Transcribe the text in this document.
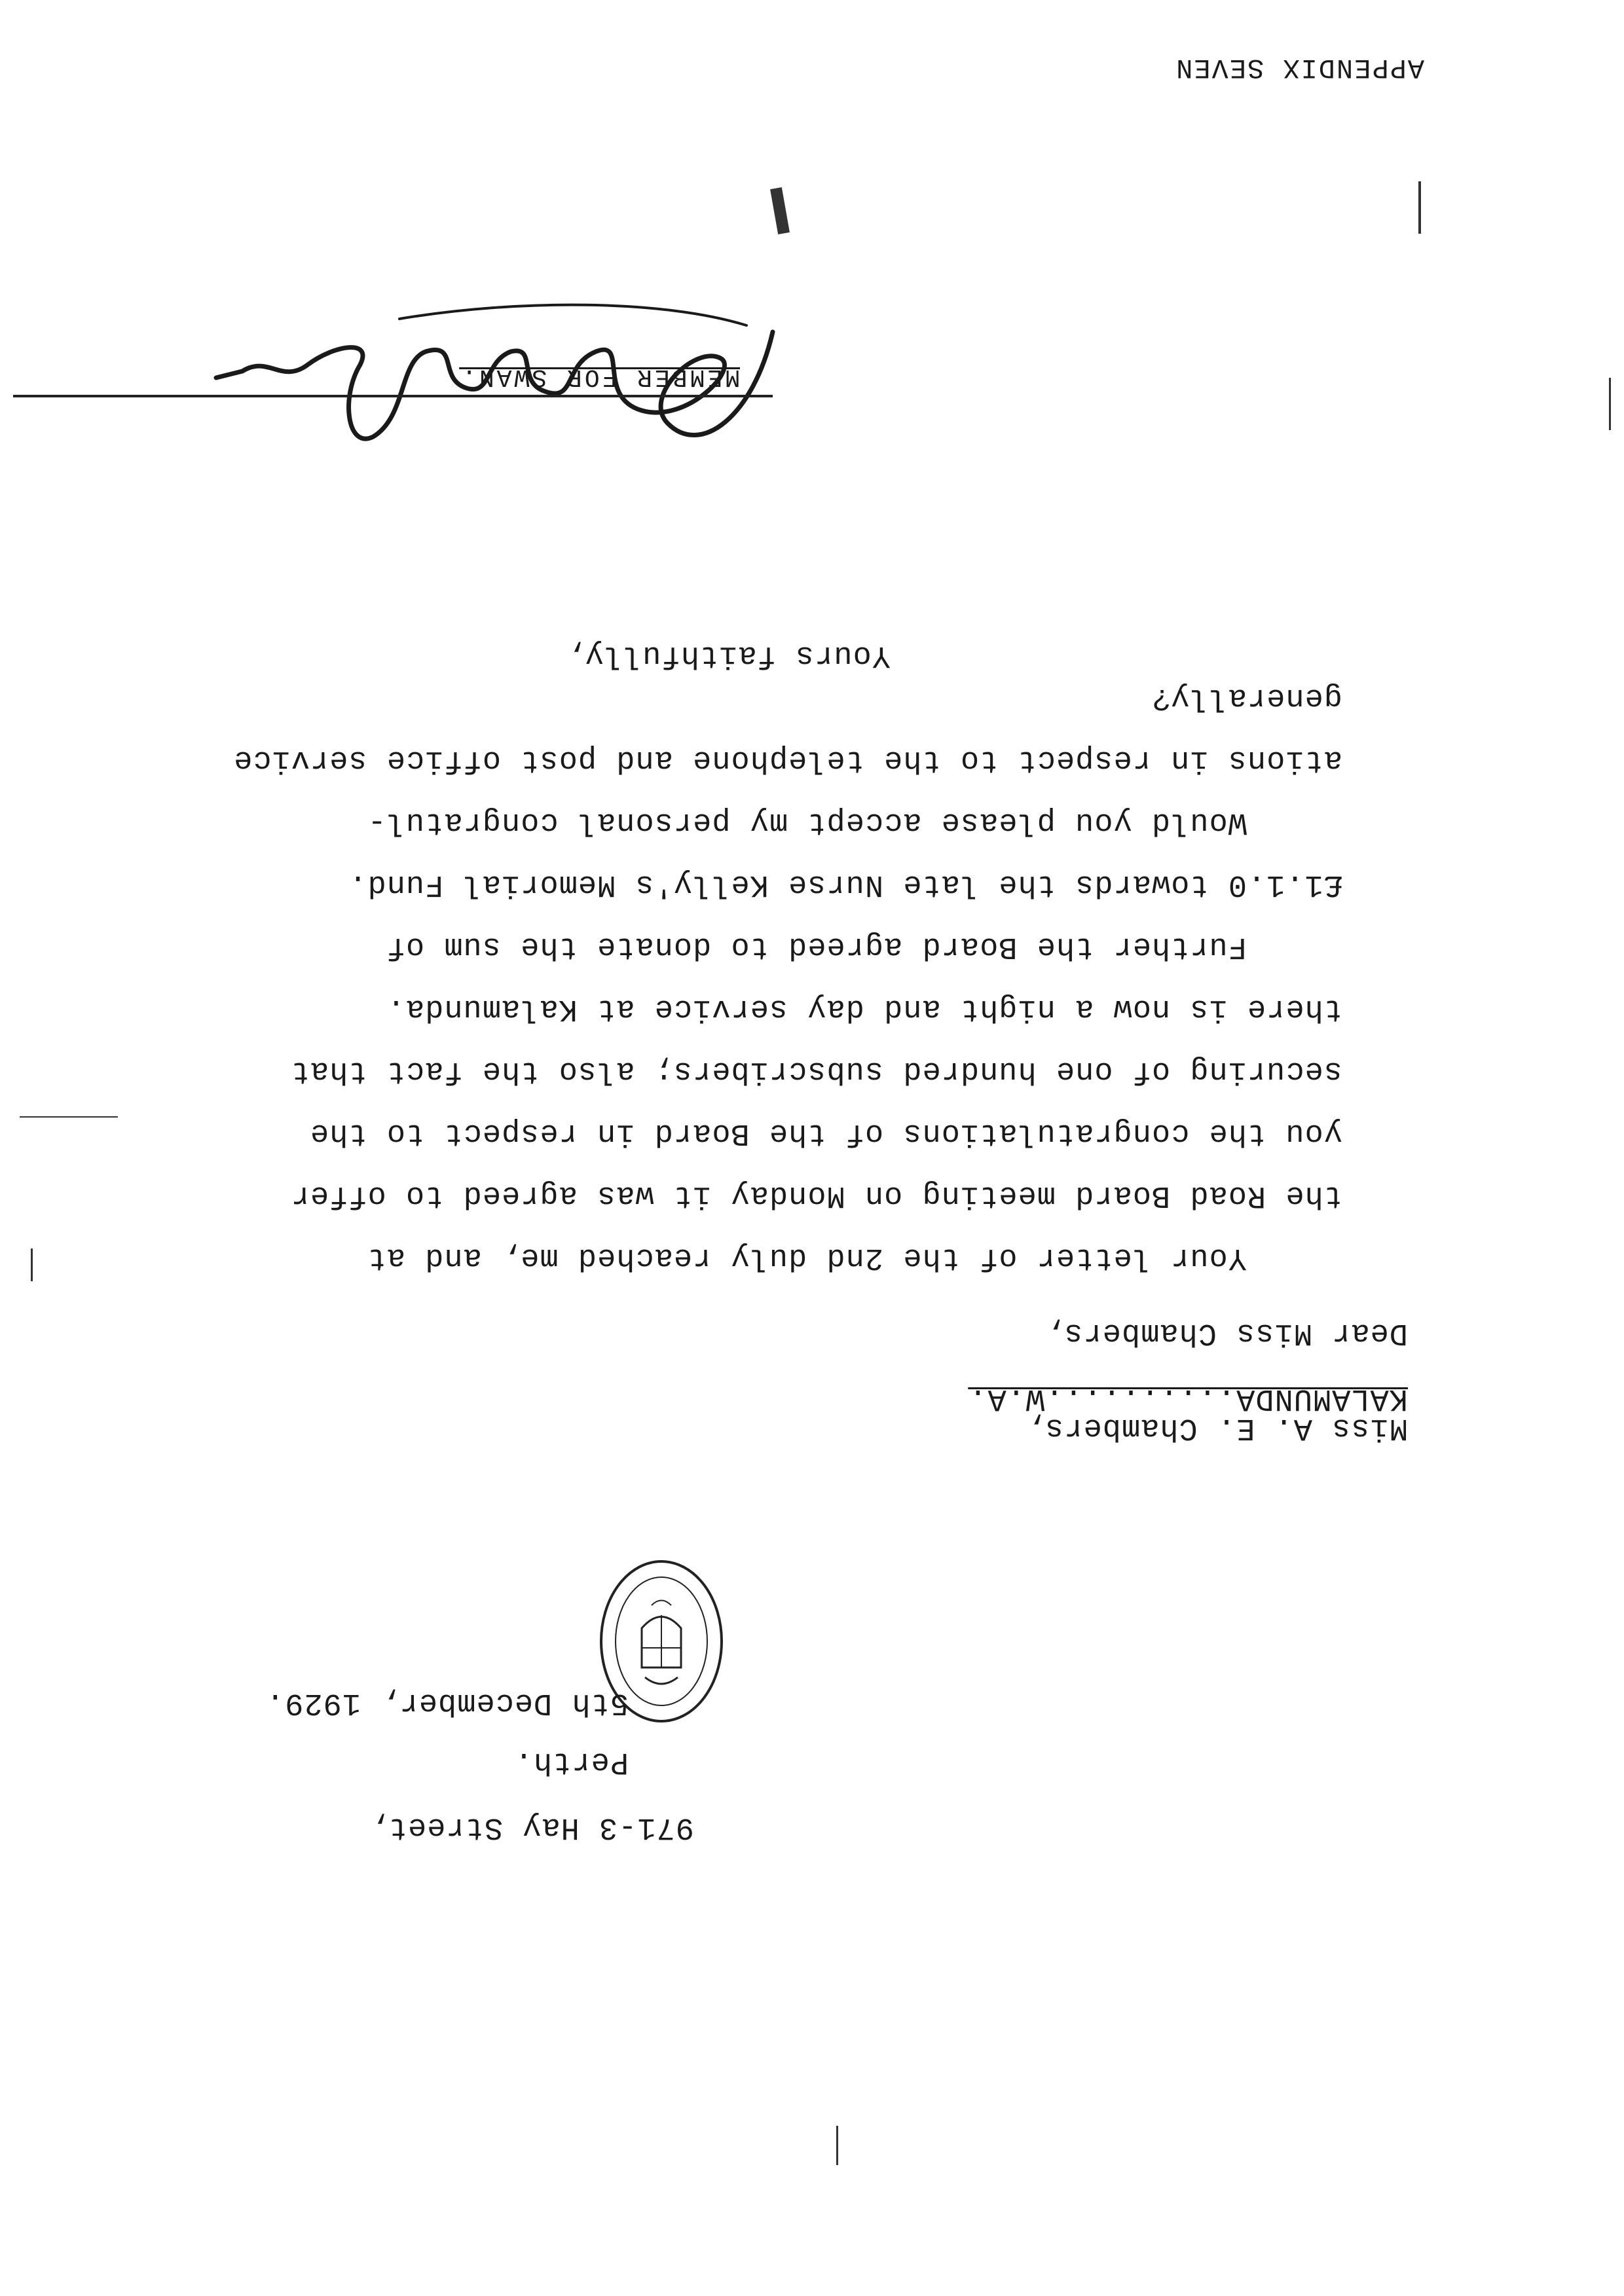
APPENDIX SEVEN
971-3 Hay Street,
Perth.
5th December, 1929.
Miss A. E. Chambers,
KALAMUNDA..........W.A.
Dear Miss Chambers,
Your letter of the 2nd duly reached me, and at
the Road Board meeting on Monday it was agreed to offer
you the congratulations of the Board in respect to the
securing of one hundred subscribers; also the fact that
there is now a night and day service at Kalamunda.
Further the Board agreed to donate the sum of
£1.1.0 towards the late Nurse Kelly's Memorial Fund.
Would you please accept my personal congratul-
ations in respect to the telephone and post office service
generally?
Yours faithfully,
MEMBER FOR SWAN.
